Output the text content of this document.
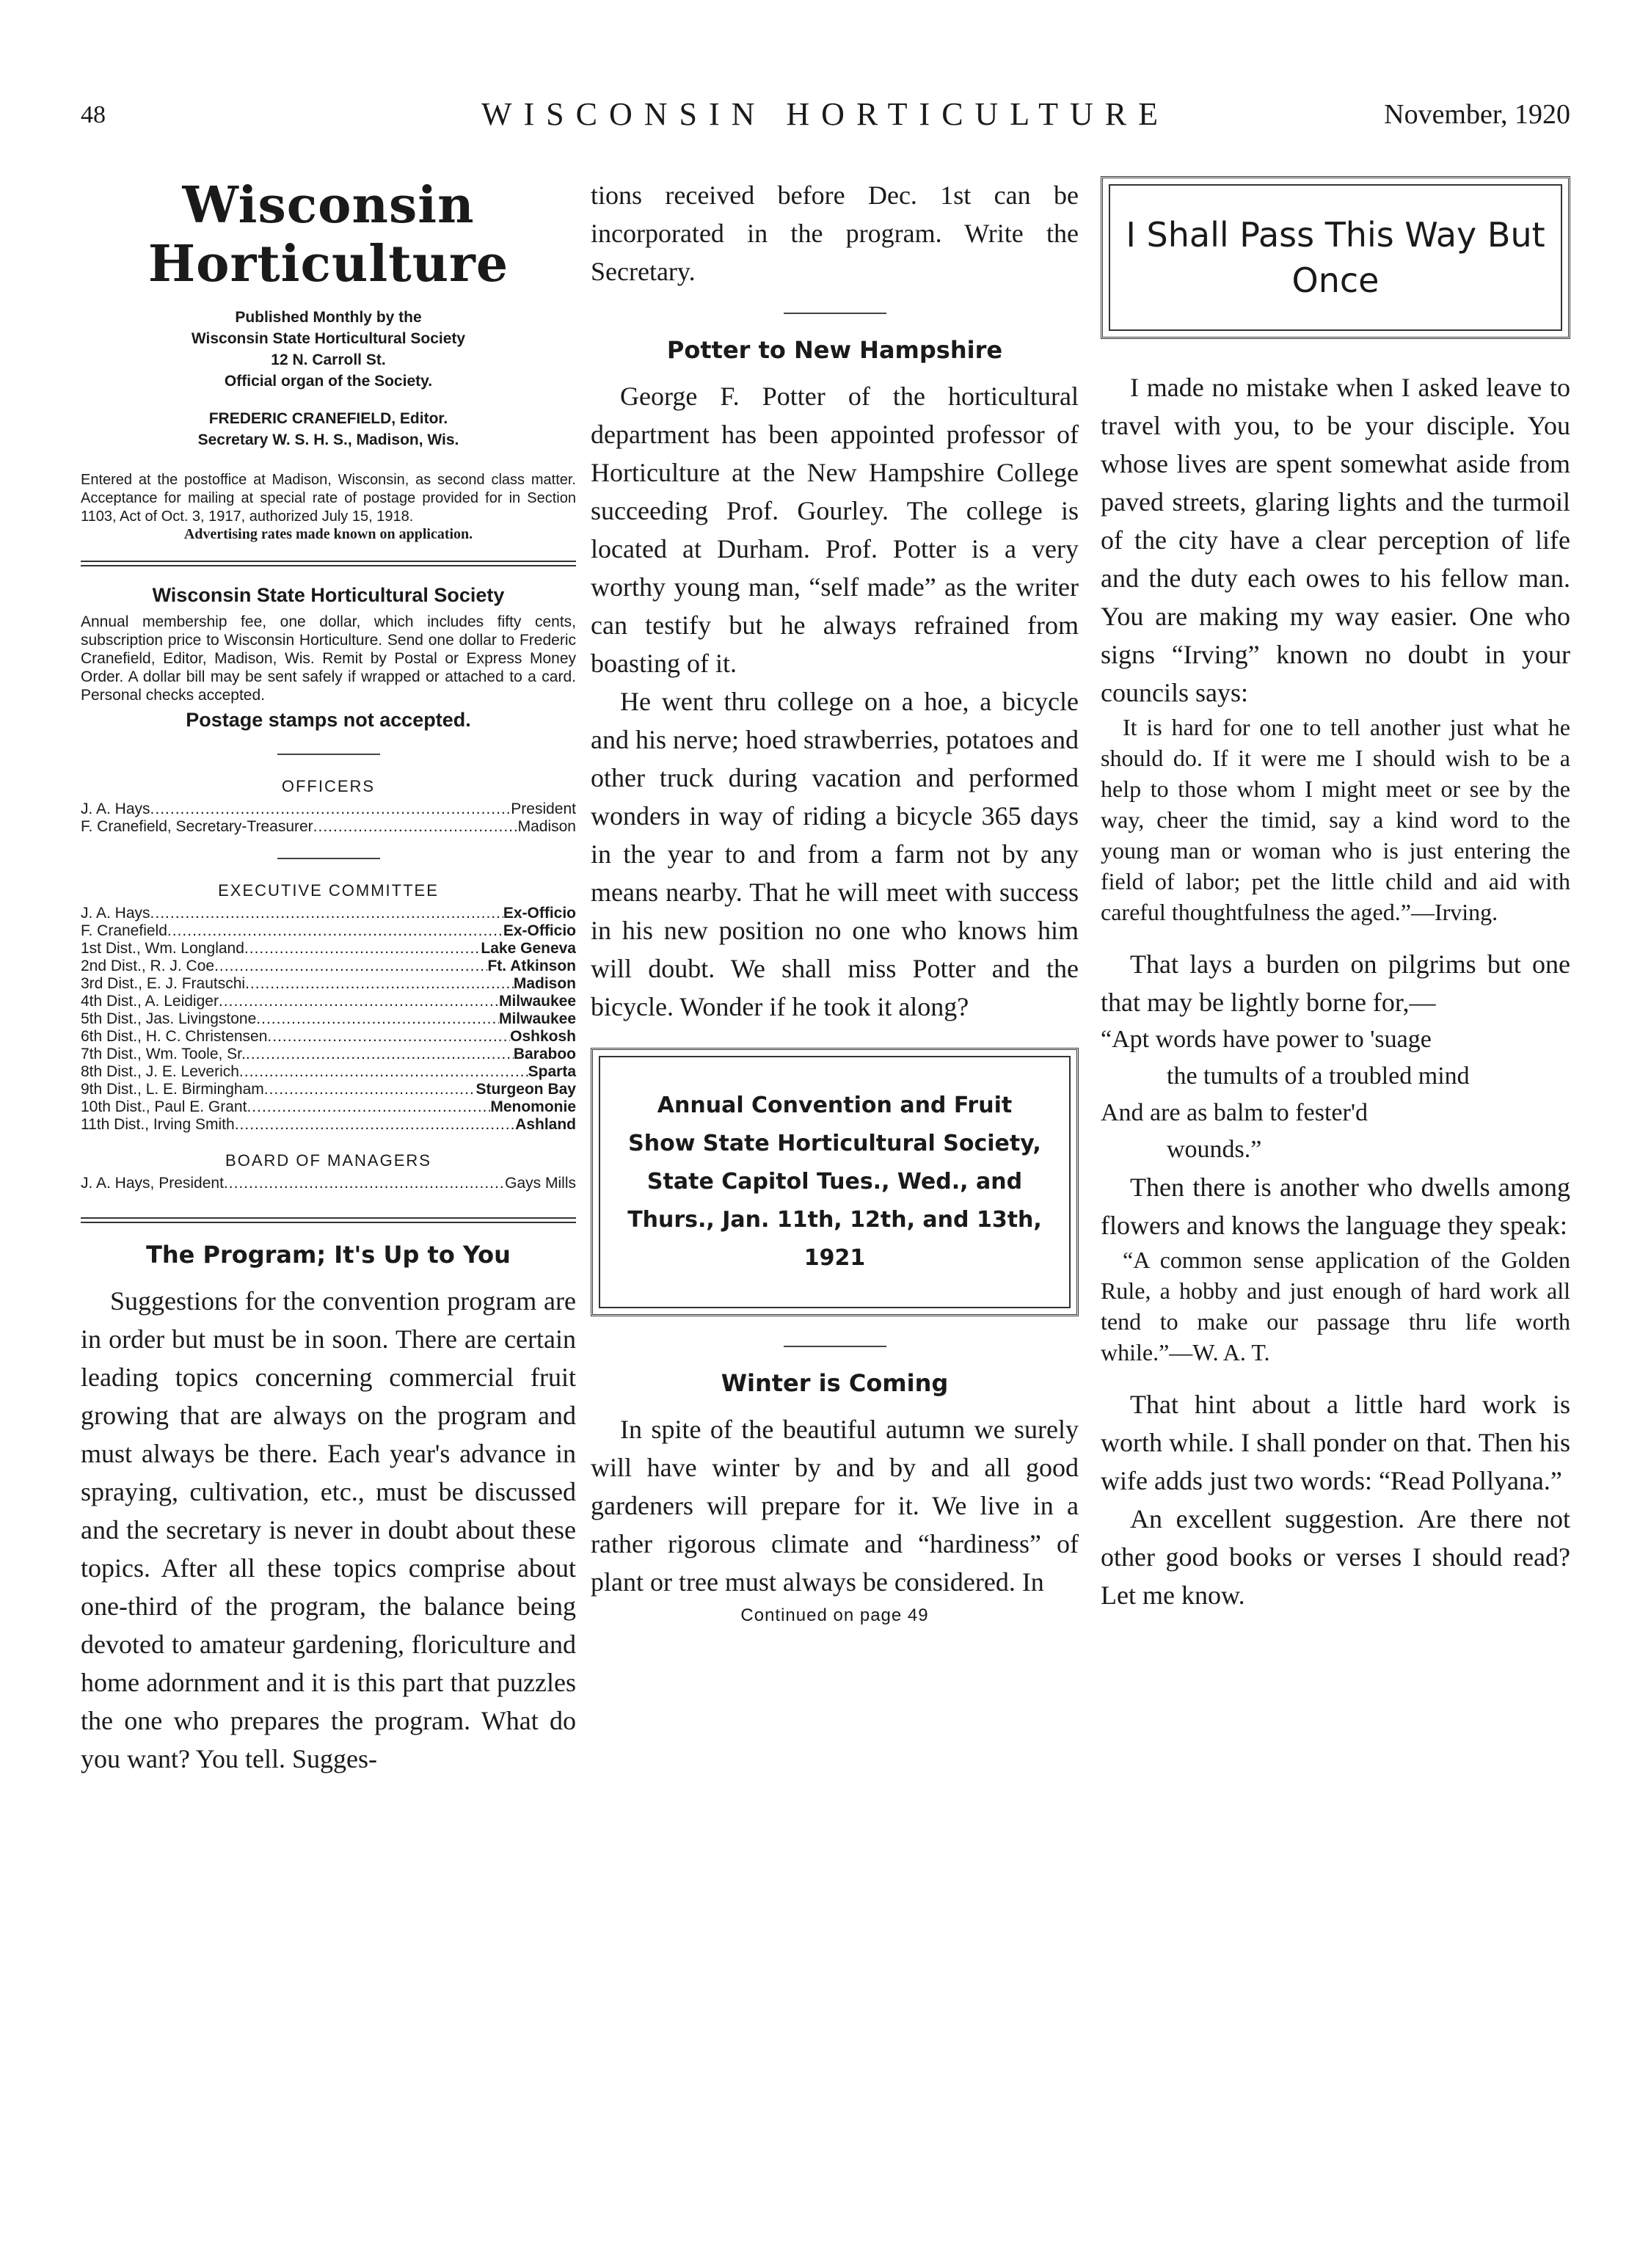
48	WISCONSIN HORTICULTURE	November, 1920
Wisconsin Horticulture
Published Monthly by the
Wisconsin State Horticultural Society
12 N. Carroll St.
Official organ of the Society.
FREDERIC CRANEFIELD, Editor.
Secretary W. S. H. S., Madison, Wis.
Entered at the postoffice at Madison, Wisconsin, as second class matter. Acceptance for mailing at special rate of postage provided for in Section 1103, Act of Oct. 3, 1917, authorized July 15, 1918.
Advertising rates made known on application.
Wisconsin State Horticultural Society
Annual membership fee, one dollar, which includes fifty cents, subscription price to Wisconsin Horticulture. Send one dollar to Frederic Cranefield, Editor, Madison, Wis. Remit by Postal or Express Money Order. A dollar bill may be sent safely if wrapped or attached to a card. Personal checks accepted.
Postage stamps not accepted.
OFFICERS
J. A. Hays .....	President
F. Cranefield, Secretary-Treasurer .....	Madison
EXECUTIVE COMMITTEE
J. A. Hays .....	Ex-Officio
F. Cranefield .....	Ex-Officio
1st Dist., Wm. Longland .....	Lake Geneva
2nd Dist., R. J. Coe .....	Ft. Atkinson
3rd Dist., E. J. Frautschi .....	Madison
4th Dist., A. Leidiger .....	Milwaukee
5th Dist., Jas. Livingstone .....	Milwaukee
6th Dist., H. C. Christensen .....	Oshkosh
7th Dist., Wm. Toole, Sr. .....	Baraboo
8th Dist., J. E. Leverich .....	Sparta
9th Dist., L. E. Birmingham .....	Sturgeon Bay
10th Dist., Paul E. Grant .....	Menomonie
11th Dist., Irving Smith .....	Ashland
BOARD OF MANAGERS
J. A. Hays, President .....	Gays Mills
The Program; It's Up to You

Suggestions for the convention program are in order but must be in soon. There are certain leading topics concerning commercial fruit growing that are always on the program and must always be there. Each year's advance in spraying, cultivation, etc., must be discussed and the secretary is never in doubt about these topics. After all these topics comprise about one-third of the program, the balance being devoted to amateur gardening, floriculture and home adornment and it is this part that puzzles the one who prepares the program. What do you want? You tell. Sugges-

tions received before Dec. 1st can be incorporated in the program. Write the Secretary.

Potter to New Hampshire

George F. Potter of the horticultural department has been appointed professor of Horticulture at the New Hampshire College succeeding Prof. Gourley. The college is located at Durham. Prof. Potter is a very worthy young man, “self made” as the writer can testify but he always refrained from boasting of it.

He went thru college on a hoe, a bicycle and his nerve; hoed strawberries, potatoes and other truck during vacation and performed wonders in way of riding a bicycle 365 days in the year to and from a farm not by any means nearby. That he will meet with success in his new position no one who knows him will doubt. We shall miss Potter and the bicycle. Wonder if he took it along?

Annual Convention and Fruit Show State Horticultural Society, State Capitol Tues., Wed., and Thurs., Jan. 11th, 12th, and 13th, 1921

Winter is Coming

In spite of the beautiful autumn we surely will have winter by and by and all good gardeners will prepare for it. We live in a rather rigorous climate and “hardiness” of plant or tree must always be considered. In

Continued on page 49

I Shall Pass This Way But Once

I made no mistake when I asked leave to travel with you, to be your disciple. You whose lives are spent somewhat aside from paved streets, glaring lights and the turmoil of the city have a clear perception of life and the duty each owes to his fellow man. You are making my way easier. One who signs “Irving” known no doubt in your councils says:

It is hard for one to tell another just what he should do. If it were me I should wish to be a help to those whom I might meet or see by the way, cheer the timid, say a kind word to the young man or woman who is just entering the field of labor; pet the little child and aid with careful thoughtfulness the aged.”—Irving.

That lays a burden on pilgrims but one that may be lightly borne for,—

“Apt words have power to 'suage
the tumults of a troubled mind
And are as balm to fester'd
wounds.”

Then there is another who dwells among flowers and knows the language they speak:

“A common sense application of the Golden Rule, a hobby and just enough of hard work all tend to make our passage thru life worth while.”—W. A. T.

That hint about a little hard work is worth while. I shall ponder on that. Then his wife adds just two words: “Read Pollyana.”

An excellent suggestion. Are there not other good books or verses I should read? Let me know.
